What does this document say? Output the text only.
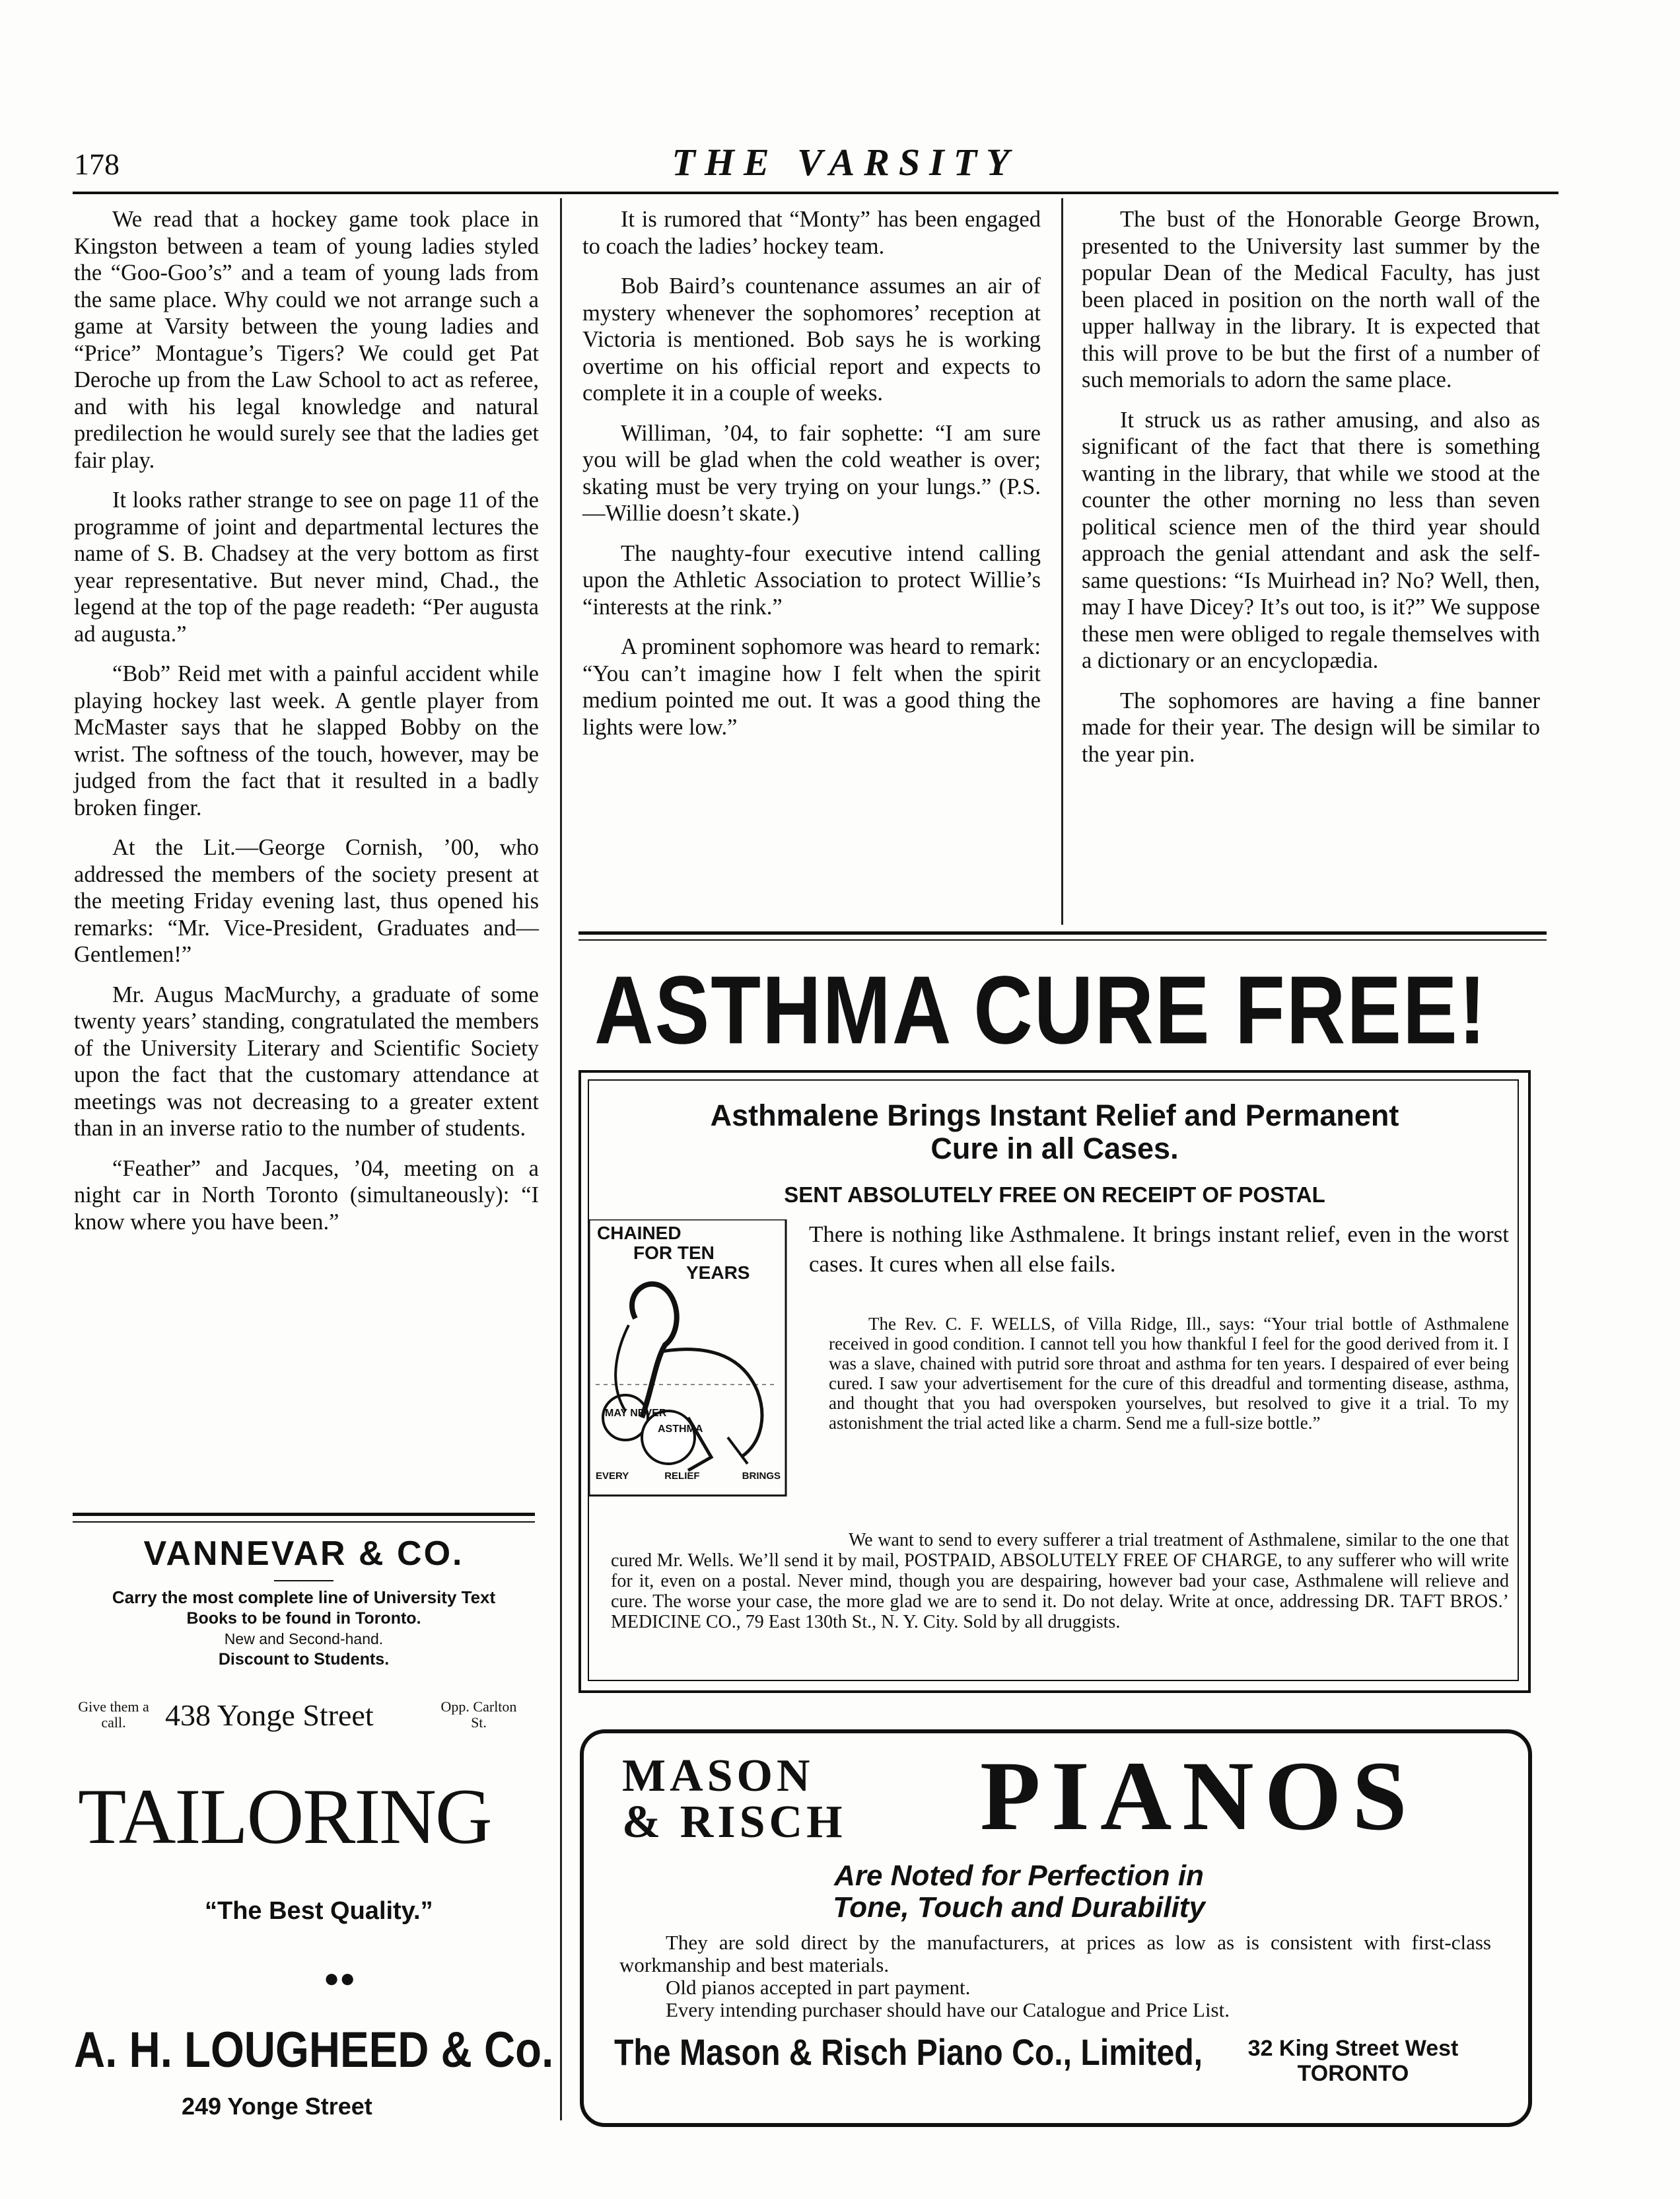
178	THE VARSITY

We read that a hockey game took place in Kingston between a team of young ladies styled the “Goo-Goo’s” and a team of young lads from the same place. Why could we not arrange such a game at Varsity between the young ladies and “Price” Montague’s Tigers? We could get Pat Deroche up from the Law School to act as referee, and with his legal knowledge and natural predilection he would surely see that the ladies get fair play.

It looks rather strange to see on page 11 of the programme of joint and departmental lectures the name of S. B. Chadsey at the very bottom as first year representative. But never mind, Chad., the legend at the top of the page readeth: “Per augusta ad augusta.”

“Bob” Reid met with a painful accident while playing hockey last week. A gentle player from McMaster says that he slapped Bobby on the wrist. The softness of the touch, however, may be judged from the fact that it resulted in a badly broken finger.

At the Lit.—George Cornish, ’00, who addressed the members of the society present at the meeting Friday evening last, thus opened his remarks: “Mr. Vice-President, Graduates and—Gentlemen!”

Mr. Augus MacMurchy, a graduate of some twenty years’ standing, congratulated the members of the University Literary and Scientific Society upon the fact that the customary attendance at meetings was not decreasing to a greater extent than in an inverse ratio to the number of students.

“Feather” and Jacques, ’04, meeting on a night car in North Toronto (simultaneously): “I know where you have been.”

It is rumored that “Monty” has been engaged to coach the ladies’ hockey team.

Bob Baird’s countenance assumes an air of mystery whenever the sophomores’ reception at Victoria is mentioned. Bob says he is working overtime on his official report and expects to complete it in a couple of weeks.

Williman, ’04, to fair sophette: “I am sure you will be glad when the cold weather is over; skating must be very trying on your lungs.” (P.S.—Willie doesn’t skate.)

The naughty-four executive intend calling upon the Athletic Association to protect Willie’s “interests at the rink.”

A prominent sophomore was heard to remark: “You can’t imagine how I felt when the spirit medium pointed me out. It was a good thing the lights were low.”

The bust of the Honorable George Brown, presented to the University last summer by the popular Dean of the Medical Faculty, has just been placed in position on the north wall of the upper hallway in the library. It is expected that this will prove to be but the first of a number of such memorials to adorn the same place.

It struck us as rather amusing, and also as significant of the fact that there is something wanting in the library, that while we stood at the counter the other morning no less than seven political science men of the third year should approach the genial attendant and ask the self-same questions: “Is Muirhead in? No? Well, then, may I have Dicey? It’s out too, is it?” We suppose these men were obliged to regale themselves with a dictionary or an encyclopædia.

The sophomores are having a fine banner made for their year. The design will be similar to the year pin.

ASTHMA CURE FREE!
Asthmalene Brings Instant Relief and Permanent
Cure in all Cases.
SENT ABSOLUTELY FREE ON RECEIPT OF POSTAL
CHAINED
FOR TEN
YEARS
MAY NEVER
ASTHMA
EVERY	RELIEF	BRINGS
There is nothing like Asthmalene. It brings instant relief, even in the worst cases. It cures when all else fails.

The Rev. C. F. WELLS, of Villa Ridge, Ill., says: “Your trial bottle of Asthmalene received in good condition. I cannot tell you how thankful I feel for the good derived from it. I was a slave, chained with putrid sore throat and asthma for ten years. I despaired of ever being cured. I saw your advertisement for the cure of this dreadful and tormenting disease, asthma, and thought that you had overspoken yourselves, but resolved to give it a trial. To my astonishment the trial acted like a charm. Send me a full-size bottle.”

We want to send to every sufferer a trial treatment of Asthmalene, similar to the one that cured Mr. Wells. We’ll send it by mail, POSTPAID, ABSOLUTELY FREE OF CHARGE, to any sufferer who will write for it, even on a postal. Never mind, though you are despairing, however bad your case, Asthmalene will relieve and cure. The worse your case, the more glad we are to send it. Do not delay. Write at once, addressing DR. TAFT BROS.’ MEDICINE CO., 79 East 130th St., N. Y. City. Sold by all druggists.

MASON
& RISCH PIANOS
Are Noted for Perfection in
Tone, Touch and Durability
They are sold direct by the manufacturers, at prices as low as is consistent with first-class workmanship and best materials.
Old pianos accepted in part payment.
Every intending purchaser should have our Catalogue and Price List.
The Mason & Risch Piano Co., Limited,	32 King Street West
TORONTO
VANNEVAR & CO.
Carry the most complete line of University Text
Books to be found in Toronto.
New and Second-hand.
Discount to Students.
Give them a call.	438 Yonge Street	Opp. Carlton St.
TAILORING
“The Best Quality.”
●●
A. H. LOUGHEED & Co.
249 Yonge Street
